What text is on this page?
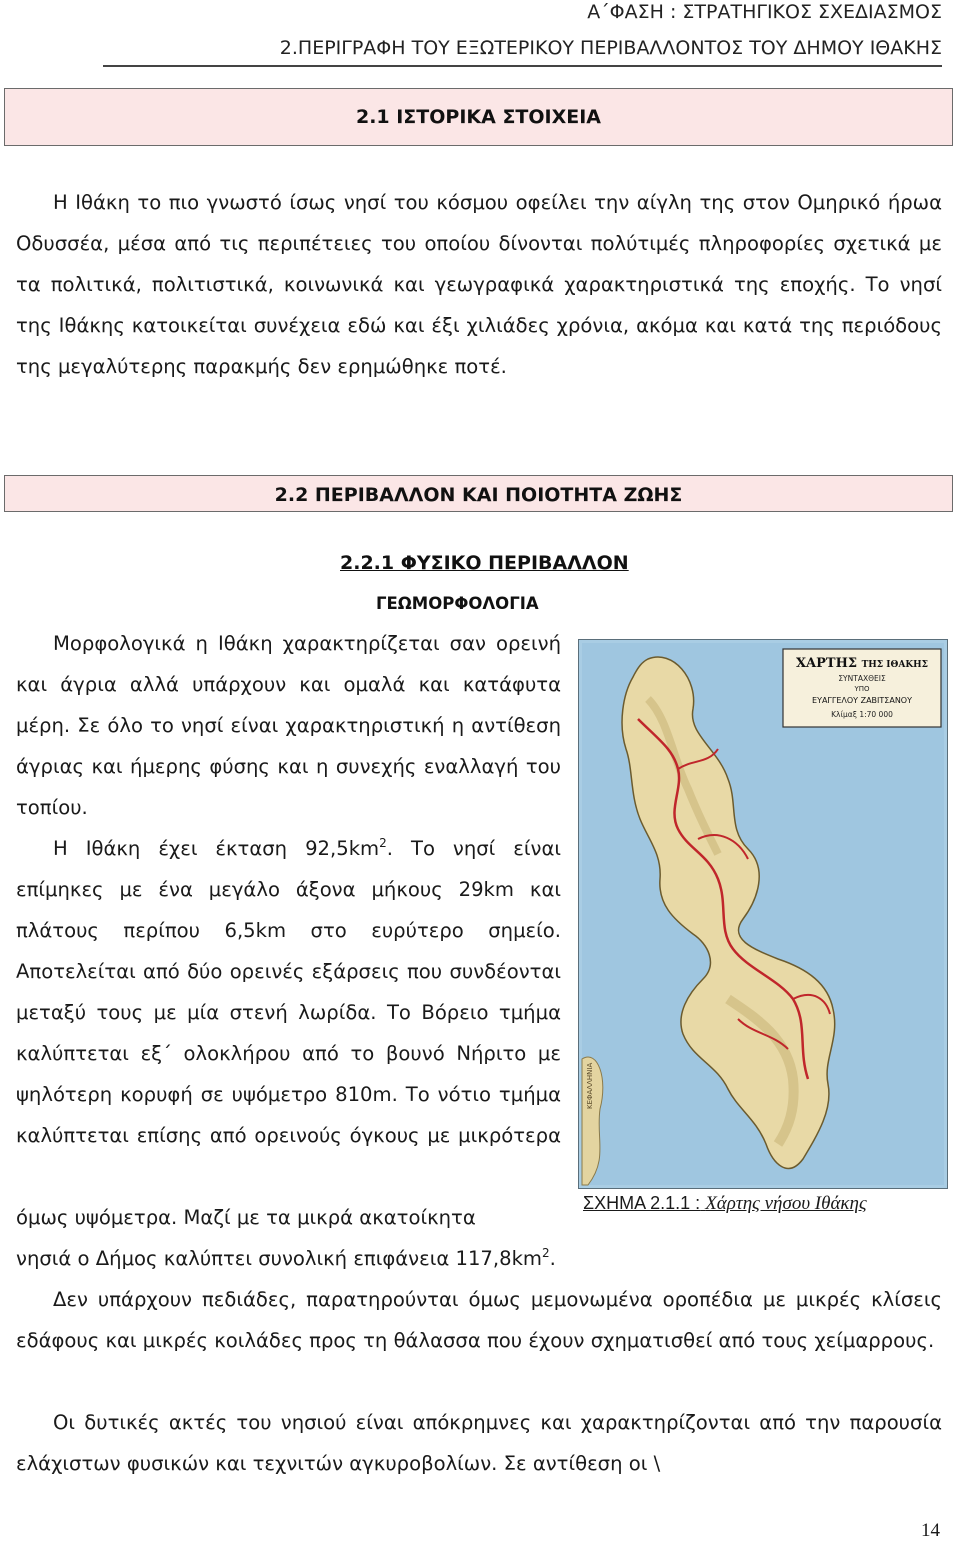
Α΄ΦΑΣΗ : ΣΤΡΑΤΗΓΙΚΟΣ ΣΧΕΔΙΑΣΜΟΣ
2.ΠΕΡΙΓΡΑΦΗ ΤΟΥ ΕΞΩΤΕΡΙΚΟΥ ΠΕΡΙΒΑΛΛΟΝΤΟΣ ΤΟΥ ΔΗΜΟΥ ΙΘΑΚΗΣ
2.1 ΙΣΤΟΡΙΚΑ ΣΤΟΙΧΕΙΑ

Η Ιθάκη το πιο γνωστό ίσως νησί του κόσμου οφείλει την αίγλη της στον Ομηρικό ήρωα Οδυσσέα, μέσα από τις περιπέτειες του οποίου δίνονται πολύτιμές πληροφορίες σχετικά με τα πολιτικά, πολιτιστικά, κοινωνικά και γεωγραφικά χαρακτηριστικά της εποχής. Το νησί της Ιθάκης κατοικείται συνέχεια εδώ και έξι χιλιάδες χρόνια, ακόμα και κατά της περιόδους της μεγαλύτερης παρακμής δεν ερημώθηκε ποτέ.

2.2 ΠΕΡΙΒΑΛΛΟΝ ΚΑΙ ΠΟΙΟΤΗΤΑ ΖΩΗΣ
2.2.1 ΦΥΣΙΚΟ ΠΕΡΙΒΑΛΛΟΝ
ΓΕΩΜΟΡΦΟΛΟΓΙΑ

Μορφολογικά η Ιθάκη χαρακτηρίζεται σαν ορεινή και άγρια αλλά υπάρχουν και ομαλά και κατάφυτα μέρη. Σε όλο το νησί είναι χαρακτηριστική η αντίθεση άγριας και ήμερης φύσης και η συνεχής εναλλαγή του τοπίου.

Η Ιθάκη έχει έκταση $92,5km^2$. Το νησί είναι επίμηκες με ένα μεγάλο άξονα μήκους 29km και πλάτους περίπου 6,5km στο ευρύτερο σημείο. Αποτελείται από δύο ορεινές εξάρσεις που συνδέονται μεταξύ τους με μία στενή λωρίδα. Το Βόρειο τμήμα καλύπτεται εξ΄ ολοκλήρου από το βουνό Νήριτο με ψηλότερη κορυφή σε υψόμετρο 810m. Το νότιο τμήμα καλύπτεται επίσης από ορεινούς όγκους με μικρότερα

όμως υψόμετρα. Μαζί με τα μικρά ακατοίκητα
νησιά ο Δήμος καλύπτει συνολική επιφάνεια $117,8km^2$.

Δεν υπάρχουν πεδιάδες, παρατηρούνται όμως μεμονωμένα οροπέδια με μικρές κλίσεις εδάφους και μικρές κοιλάδες προς τη θάλασσα που έχουν σχηματισθεί από τους χείμαρρους.

Οι δυτικές ακτές του νησιού είναι απόκρημνες και χαρακτηρίζονται από την παρουσία ελάχιστων φυσικών και τεχνιτών αγκυροβολίων. Σε αντίθεση οι \

ΧΑΡΤΗΣ ΤΗΣ ΙΘΑΚΗΣ
ΣΥΝΤΑΧΘΕΙΣ
ΥΠΟ
ΕΥΑΓΓΕΛΟΥ ΖΑΒΙΤΣΑΝΟΥ
Κλίμαξ 1:70 000
ΚΕΦΑΛΛΗΝΙΑ
ΣΧΗΜΑ 2.1.1 : Χάρτης νήσου Ιθάκης
14
